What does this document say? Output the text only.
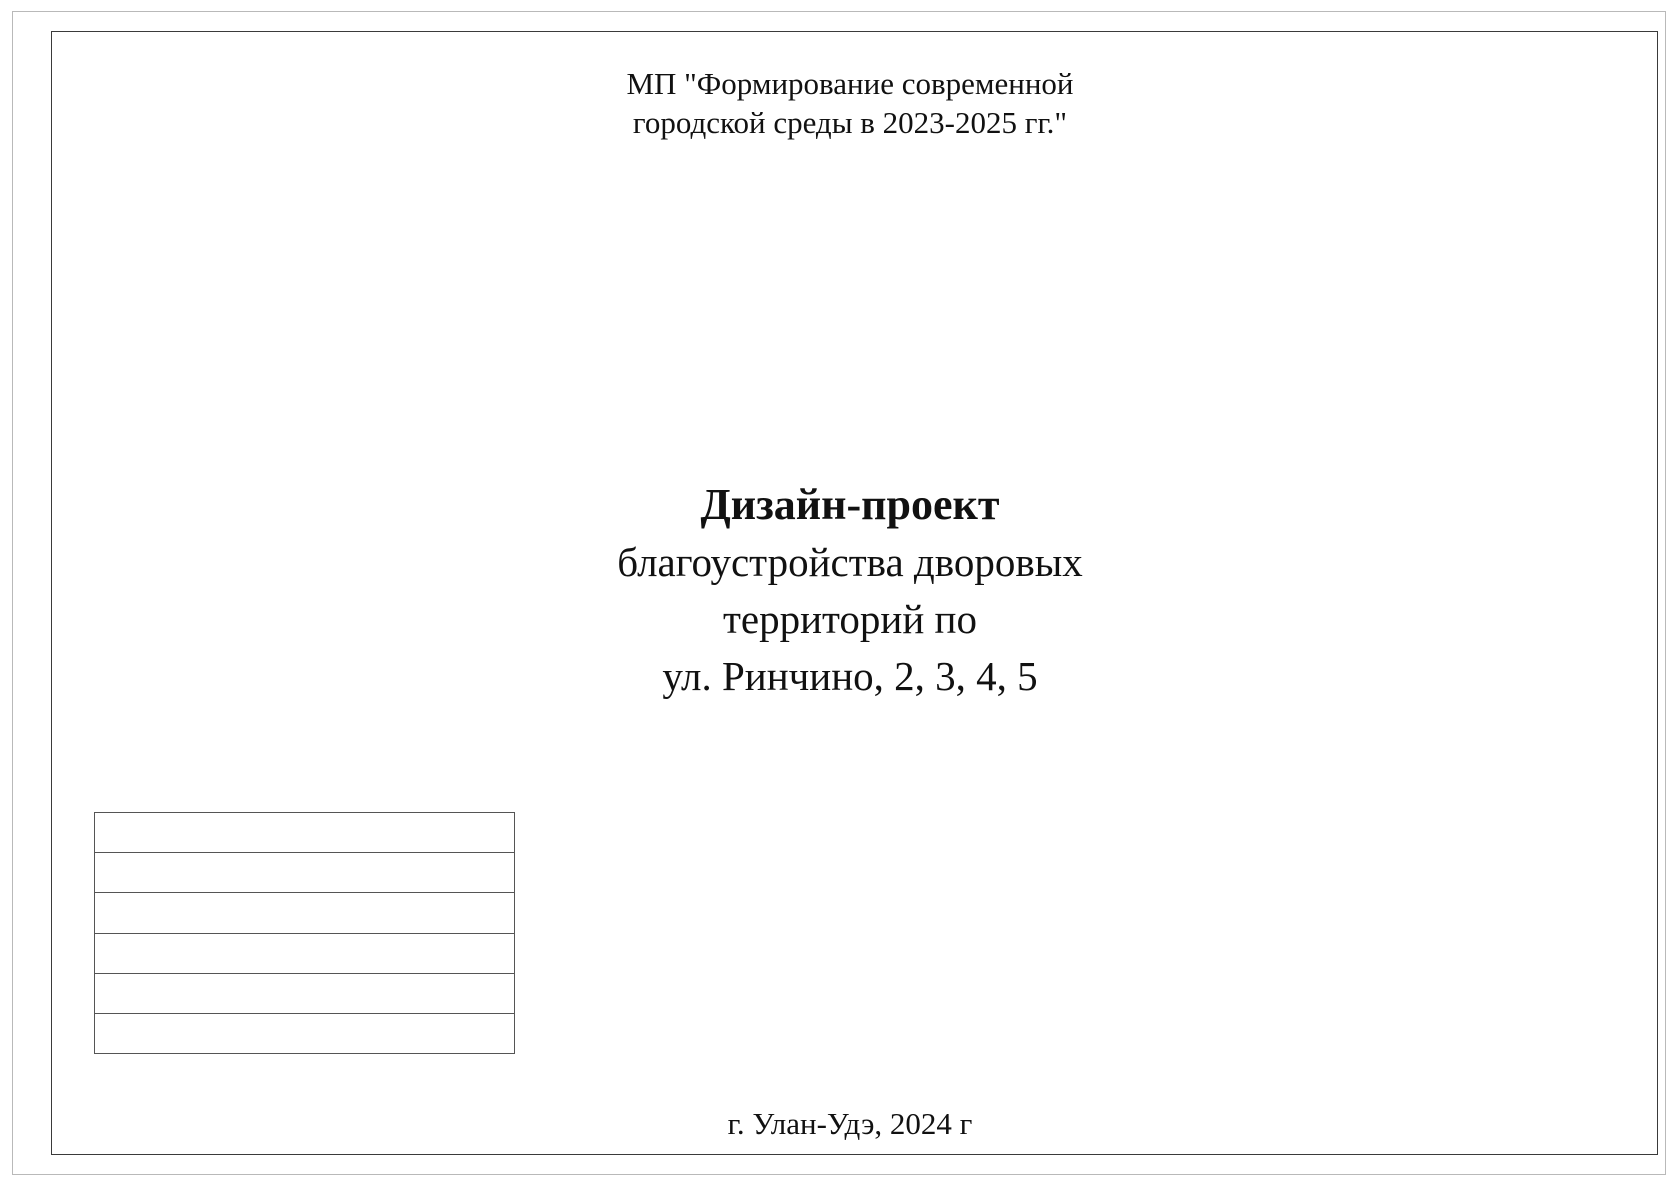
МП "Формирование современной
городской среды в 2023-2025 гг."
Дизайн-проект
благоустройства дворовых
территорий по
ул. Ринчино, 2, 3, 4, 5
г. Улан-Удэ, 2024 г
